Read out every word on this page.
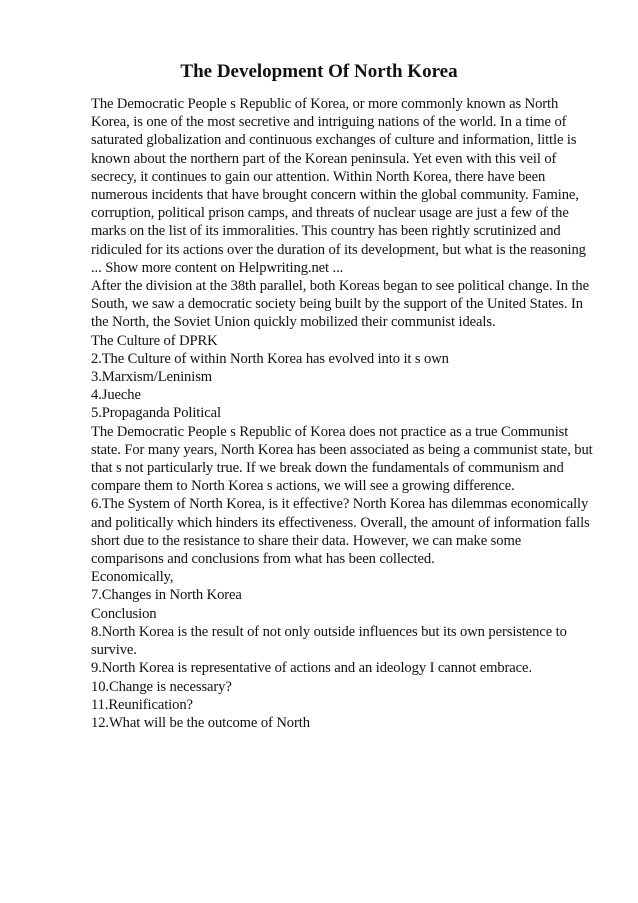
The Development Of North Korea

The Democratic People s Republic of Korea, or more commonly known as North Korea, is one of the most secretive and intriguing nations of the world. In a time of saturated globalization and continuous exchanges of culture and information, little is known about the northern part of the Korean peninsula. Yet even with this veil of secrecy, it continues to gain our attention. Within North Korea, there have been numerous incidents that have brought concern within the global community. Famine, corruption, political prison camps, and threats of nuclear usage are just a few of the marks on the list of its immoralities. This country has been rightly scrutinized and ridiculed for its actions over the duration of its development, but what is the reasoning ... Show more content on Helpwriting.net ...

After the division at the 38th parallel, both Koreas began to see political change. In the South, we saw a democratic society being built by the support of the United States. In the North, the Soviet Union quickly mobilized their communist ideals.

The Culture of DPRK

2.The Culture of within North Korea has evolved into it s own

3.Marxism/Leninism

4.Jueche

5.Propaganda Political

The Democratic People s Republic of Korea does not practice as a true Communist state. For many years, North Korea has been associated as being a communist state, but that s not particularly true. If we break down the fundamentals of communism and compare them to North Korea s actions, we will see a growing difference.

6.The System of North Korea, is it effective? North Korea has dilemmas economically and politically which hinders its effectiveness. Overall, the amount of information falls short due to the resistance to share their data. However, we can make some comparisons and conclusions from what has been collected.

Economically,

7.Changes in North Korea

Conclusion

8.North Korea is the result of not only outside influences but its own persistence to survive.

9.North Korea is representative of actions and an ideology I cannot embrace.

10.Change is necessary?

11.Reunification?

12.What will be the outcome of North
